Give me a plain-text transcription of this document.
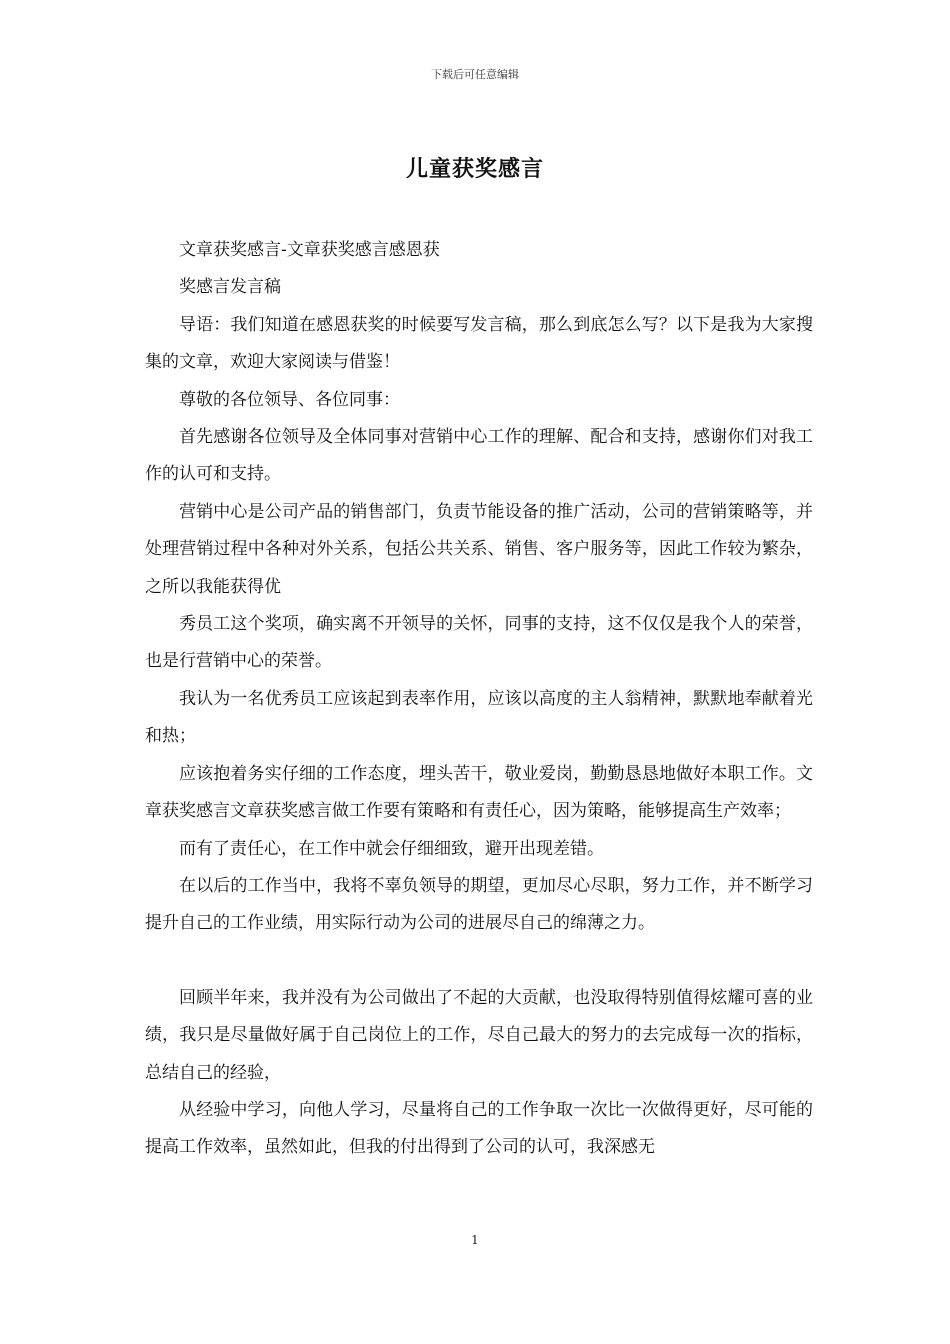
下载后可任意编辑
儿童获奖感言

文章获奖感言-文章获奖感言感恩获

奖感言发言稿

导语：我们知道在感恩获奖的时候要写发言稿，那么到底怎么写？以下是我为大家搜集的文章，欢迎大家阅读与借鉴！

尊敬的各位领导、各位同事：

首先感谢各位领导及全体同事对营销中心工作的理解、配合和支持，感谢你们对我工作的认可和支持。

营销中心是公司产品的销售部门，负责节能设备的推广活动，公司的营销策略等，并处理营销过程中各种对外关系，包括公共关系、销售、客户服务等，因此工作较为繁杂，之所以我能获得优

秀员工这个奖项，确实离不开领导的关怀，同事的支持，这不仅仅是我个人的荣誉，也是行营销中心的荣誉。

我认为一名优秀员工应该起到表率作用，应该以高度的主人翁精神，默默地奉献着光和热；

应该抱着务实仔细的工作态度，埋头苦干，敬业爱岗，勤勤恳恳地做好本职工作。文章获奖感言文章获奖感言做工作要有策略和有责任心，因为策略，能够提高生产效率；

而有了责任心，在工作中就会仔细细致，避开出现差错。

在以后的工作当中，我将不辜负领导的期望，更加尽心尽职，努力工作，并不断学习提升自己的工作业绩，用实际行动为公司的进展尽自己的绵薄之力。

回顾半年来，我并没有为公司做出了不起的大贡献，也没取得特别值得炫耀可喜的业绩，我只是尽量做好属于自己岗位上的工作，尽自己最大的努力的去完成每一次的指标，总结自己的经验，

从经验中学习，向他人学习，尽量将自己的工作争取一次比一次做得更好，尽可能的提高工作效率，虽然如此，但我的付出得到了公司的认可，我深感无

1
